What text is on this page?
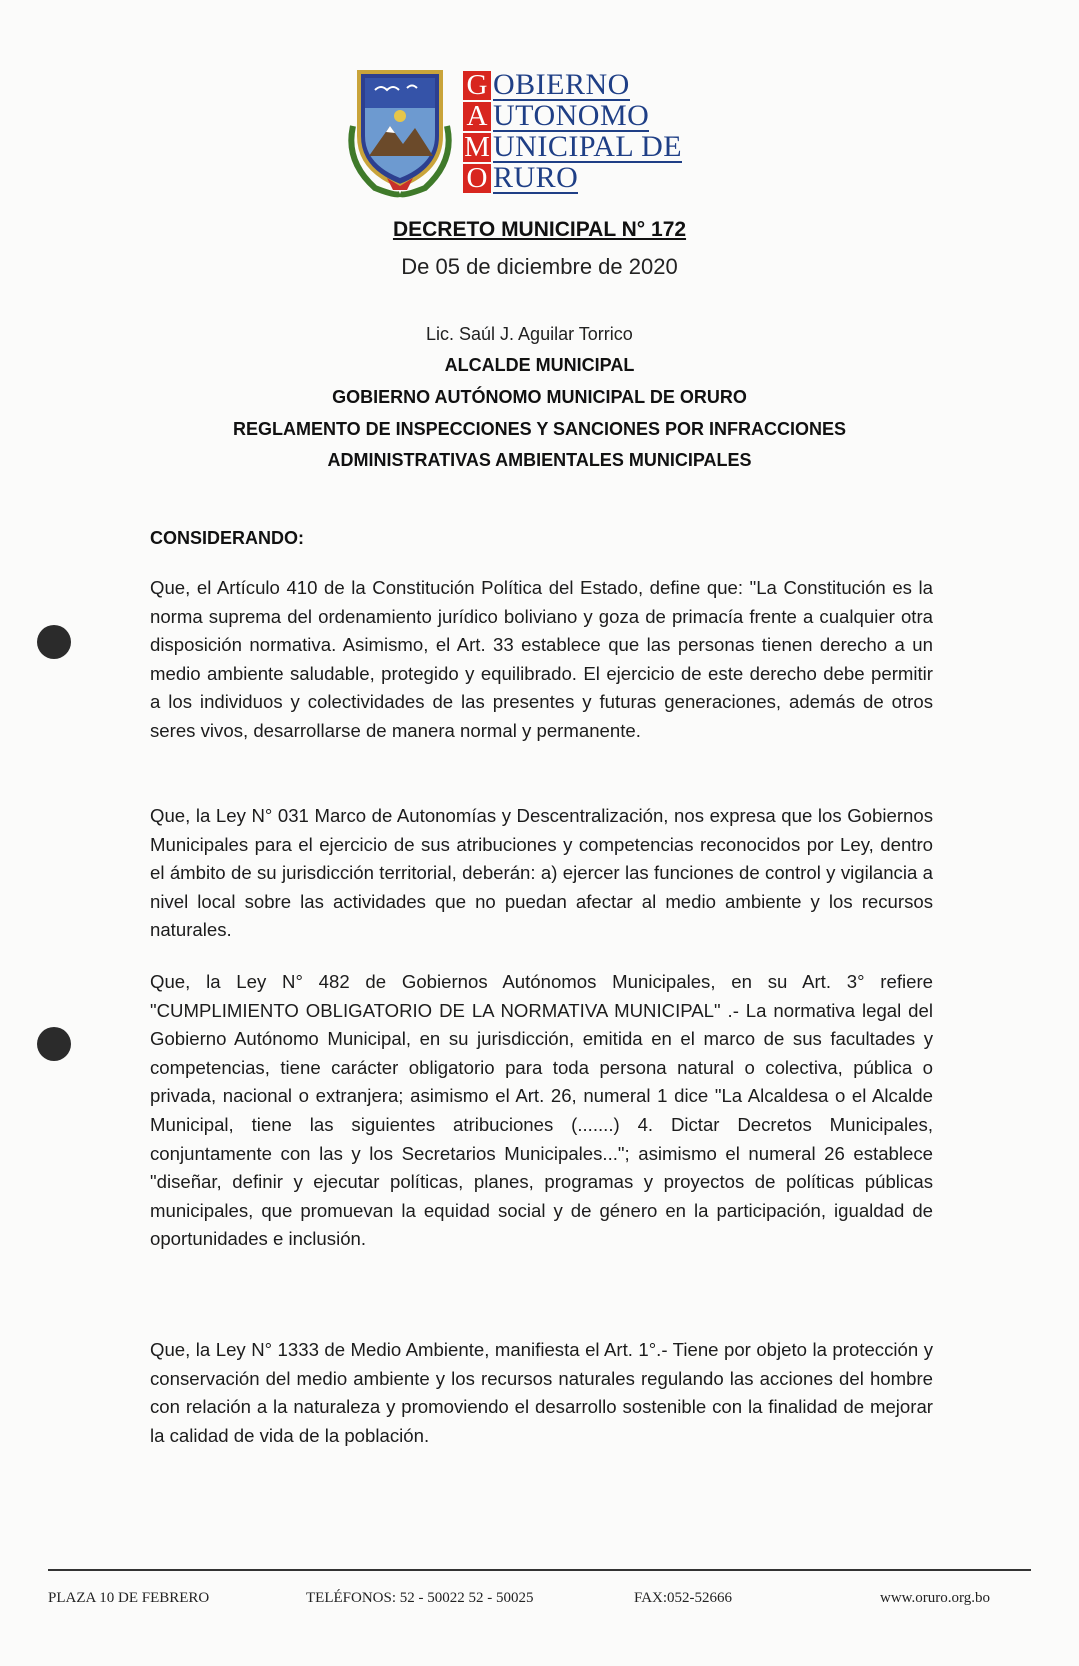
G OBIERNO
A UTONOMO
M UNICIPAL DE
O RURO
DECRETO MUNICIPAL N° 172
De 05 de diciembre de 2020
Lic. Saúl J. Aguilar Torrico
ALCALDE MUNICIPAL
GOBIERNO AUTÓNOMO MUNICIPAL DE ORURO
REGLAMENTO DE INSPECCIONES Y SANCIONES POR INFRACCIONES
ADMINISTRATIVAS AMBIENTALES MUNICIPALES
CONSIDERANDO:
Que, el Artículo 410 de la Constitución Política del Estado, define que: "La Constitución es la norma suprema del ordenamiento jurídico boliviano y goza de primacía frente a cualquier otra disposición normativa. Asimismo, el Art. 33 establece que las personas tienen derecho a un medio ambiente saludable, protegido y equilibrado. El ejercicio de este derecho debe permitir a los individuos y colectividades de las presentes y futuras generaciones, además de otros seres vivos, desarrollarse de manera normal y permanente.
Que, la Ley N° 031 Marco de Autonomías y Descentralización, nos expresa que los Gobiernos Municipales para el ejercicio de sus atribuciones y competencias reconocidos por Ley, dentro el ámbito de su jurisdicción territorial, deberán: a) ejercer las funciones de control y vigilancia a nivel local sobre las actividades que no puedan afectar al medio ambiente y los recursos naturales.
Que, la Ley N° 482 de Gobiernos Autónomos Municipales, en su Art. 3° refiere "CUMPLIMIENTO OBLIGATORIO DE LA NORMATIVA MUNICIPAL" .- La normativa legal del Gobierno Autónomo Municipal, en su jurisdicción, emitida en el marco de sus facultades y competencias, tiene carácter obligatorio para toda persona natural o colectiva, pública o privada, nacional o extranjera; asimismo el Art. 26, numeral 1 dice "La Alcaldesa o el Alcalde Municipal, tiene las siguientes atribuciones (.......) 4. Dictar Decretos Municipales, conjuntamente con las y los Secretarios Municipales..."; asimismo el numeral 26 establece "diseñar, definir y ejecutar políticas, planes, programas y proyectos de políticas públicas municipales, que promuevan la equidad social y de género en la participación, igualdad de oportunidades e inclusión.
Que, la Ley N° 1333 de Medio Ambiente, manifiesta el Art. 1°.- Tiene por objeto la protección y conservación del medio ambiente y los recursos naturales regulando las acciones del hombre con relación a la naturaleza y promoviendo el desarrollo sostenible con la finalidad de mejorar la calidad de vida de la población.
PLAZA 10 DE FEBRERO	TELÉFONOS: 52 - 50022 52 - 50025	FAX:052-52666	www.oruro.org.bo
